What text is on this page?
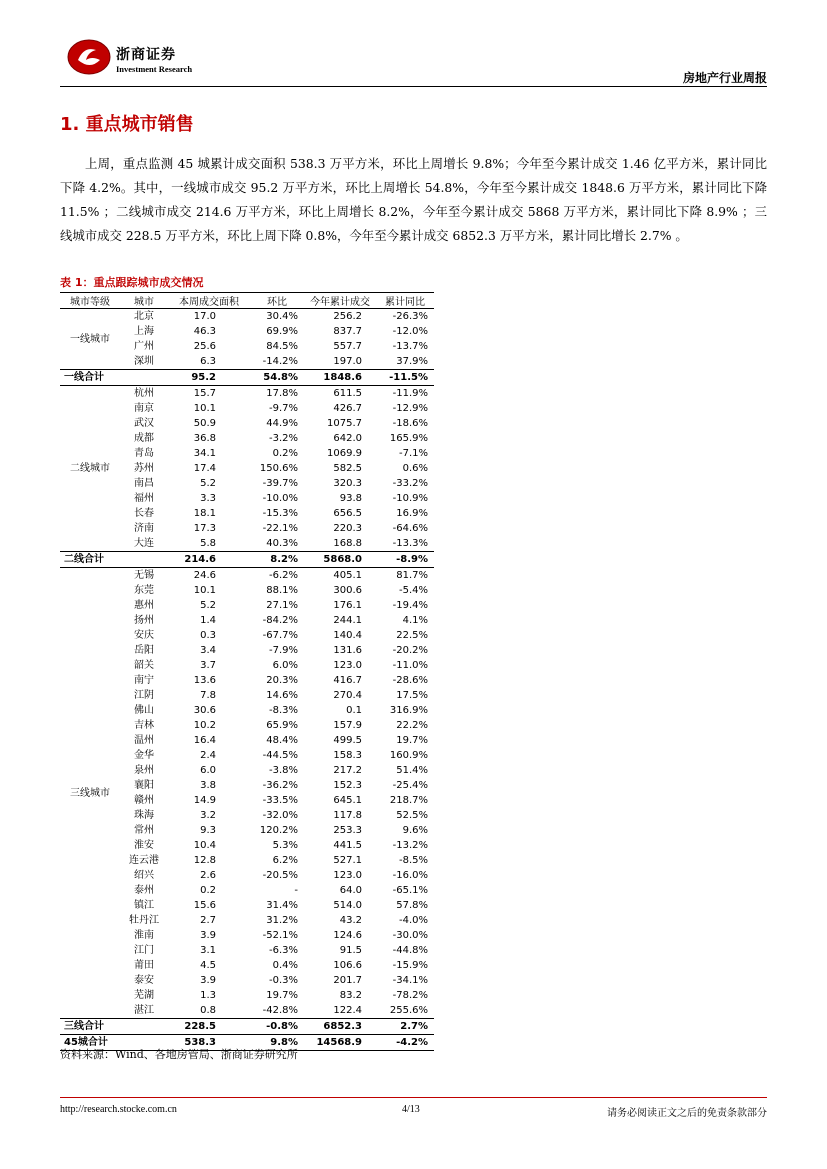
浙商证券
Investment Research
房地产行业周报
1. 重点城市销售
上周，重点监测 45 城累计成交面积 538.3 万平方米，环比上周增长 9.8%；今年至今累计成交 1.46 亿平方米，累计同比下降 4.2%。其中，一线城市成交 95.2 万平方米，环比上周增长 54.8%，今年至今累计成交 1848.6 万平方米，累计同比下降 11.5% ；二线城市成交 214.6 万平方米，环比上周增长 8.2%，今年至今累计成交 5868 万平方米，累计同比下降 8.9% ；三线城市成交 228.5 万平方米，环比上周下降 0.8%，今年至今累计成交 6852.3 万平方米，累计同比增长 2.7% 。
表 1：重点跟踪城市成交情况
城市等级	城市	本周成交面积	环比	今年累计成交	累计同比
一线城市	北京	17.0	30.4%	256.2	-26.3%
	上海	46.3	69.9%	837.7	-12.0%
	广州	25.6	84.5%	557.7	-13.7%
	深圳	6.3	-14.2%	197.0	37.9%
一线合计		95.2	54.8%	1848.6	-11.5%
二线城市	杭州	15.7	17.8%	611.5	-11.9%
	南京	10.1	-9.7%	426.7	-12.9%
	武汉	50.9	44.9%	1075.7	-18.6%
	成都	36.8	-3.2%	642.0	165.9%
	青岛	34.1	0.2%	1069.9	-7.1%
	苏州	17.4	150.6%	582.5	0.6%
	南昌	5.2	-39.7%	320.3	-33.2%
	福州	3.3	-10.0%	93.8	-10.9%
	长春	18.1	-15.3%	656.5	16.9%
	济南	17.3	-22.1%	220.3	-64.6%
	大连	5.8	40.3%	168.8	-13.3%
二线合计		214.6	8.2%	5868.0	-8.9%
三线城市	无锡	24.6	-6.2%	405.1	81.7%
	东莞	10.1	88.1%	300.6	-5.4%
	惠州	5.2	27.1%	176.1	-19.4%
	扬州	1.4	-84.2%	244.1	4.1%
	安庆	0.3	-67.7%	140.4	22.5%
	岳阳	3.4	-7.9%	131.6	-20.2%
	韶关	3.7	6.0%	123.0	-11.0%
	南宁	13.6	20.3%	416.7	-28.6%
	江阴	7.8	14.6%	270.4	17.5%
	佛山	30.6	-8.3%	0.1	316.9%
	吉林	10.2	65.9%	157.9	22.2%
	温州	16.4	48.4%	499.5	19.7%
	金华	2.4	-44.5%	158.3	160.9%
	泉州	6.0	-3.8%	217.2	51.4%
	襄阳	3.8	-36.2%	152.3	-25.4%
	赣州	14.9	-33.5%	645.1	218.7%
	珠海	3.2	-32.0%	117.8	52.5%
	常州	9.3	120.2%	253.3	9.6%
	淮安	10.4	5.3%	441.5	-13.2%
	连云港	12.8	6.2%	527.1	-8.5%
	绍兴	2.6	-20.5%	123.0	-16.0%
	泰州	0.2	-	64.0	-65.1%
	镇江	15.6	31.4%	514.0	57.8%
	牡丹江	2.7	31.2%	43.2	-4.0%
	淮南	3.9	-52.1%	124.6	-30.0%
	江门	3.1	-6.3%	91.5	-44.8%
	莆田	4.5	0.4%	106.6	-15.9%
	泰安	3.9	-0.3%	201.7	-34.1%
	芜湖	1.3	19.7%	83.2	-78.2%
	湛江	0.8	-42.8%	122.4	255.6%
三线合计		228.5	-0.8%	6852.3	2.7%
45城合计		538.3	9.8%	14568.9	-4.2%
资料来源：Wind、各地房管局、浙商证券研究所
http://research.stocke.com.cn	4/13	请务必阅读正文之后的免责条款部分
